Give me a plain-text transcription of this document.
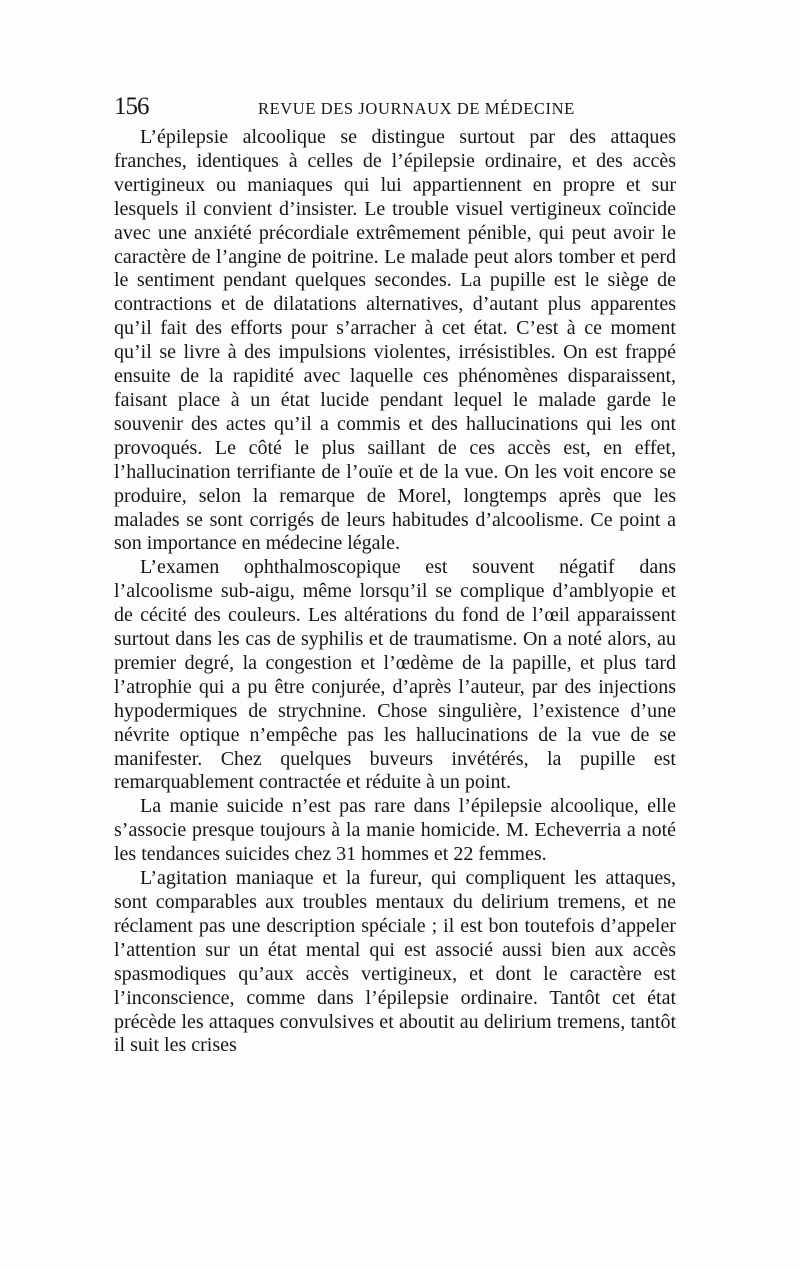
156	REVUE DES JOURNAUX DE MÉDECINE

L’épilepsie alcoolique se distingue surtout par des attaques franches, identiques à celles de l’épilepsie ordinaire, et des accès vertigineux ou maniaques qui lui appartiennent en propre et sur lesquels il convient d’insister. Le trouble visuel vertigineux coïncide avec une anxiété précordiale extrêmement pénible, qui peut avoir le caractère de l’angine de poitrine. Le malade peut alors tomber et perd le sentiment pendant quelques secondes. La pupille est le siège de contractions et de dilatations alternatives, d’autant plus apparentes qu’il fait des efforts pour s’arracher à cet état. C’est à ce moment qu’il se livre à des impulsions violentes, irrésistibles. On est frappé ensuite de la rapidité avec laquelle ces phénomènes disparaissent, faisant place à un état lucide pendant lequel le malade garde le souvenir des actes qu’il a commis et des hallucinations qui les ont provoqués. Le côté le plus saillant de ces accès est, en effet, l’hallucination terrifiante de l’ouïe et de la vue. On les voit encore se produire, selon la remarque de Morel, longtemps après que les malades se sont corrigés de leurs habitudes d’alcoolisme. Ce point a son importance en médecine légale.

L’examen ophthalmoscopique est souvent négatif dans l’alcoolisme sub-aigu, même lorsqu’il se complique d’amblyopie et de cécité des couleurs. Les altérations du fond de l’œil apparaissent surtout dans les cas de syphilis et de traumatisme. On a noté alors, au premier degré, la congestion et l’œdème de la papille, et plus tard l’atrophie qui a pu être conjurée, d’après l’auteur, par des injections hypodermiques de strychnine. Chose singulière, l’existence d’une névrite optique n’empêche pas les hallucinations de la vue de se manifester. Chez quelques buveurs invétérés, la pupille est remarquablement contractée et réduite à un point.

La manie suicide n’est pas rare dans l’épilepsie alcoolique, elle s’associe presque toujours à la manie homicide. M. Echeverria a noté les tendances suicides chez 31 hommes et 22 femmes.

L’agitation maniaque et la fureur, qui compliquent les attaques, sont comparables aux troubles mentaux du delirium tremens, et ne réclament pas une description spéciale ; il est bon toutefois d’appeler l’attention sur un état mental qui est associé aussi bien aux accès spasmodiques qu’aux accès vertigineux, et dont le caractère est l’inconscience, comme dans l’épilepsie ordinaire. Tantôt cet état précède les attaques convulsives et aboutit au delirium tremens, tantôt il suit les crises
